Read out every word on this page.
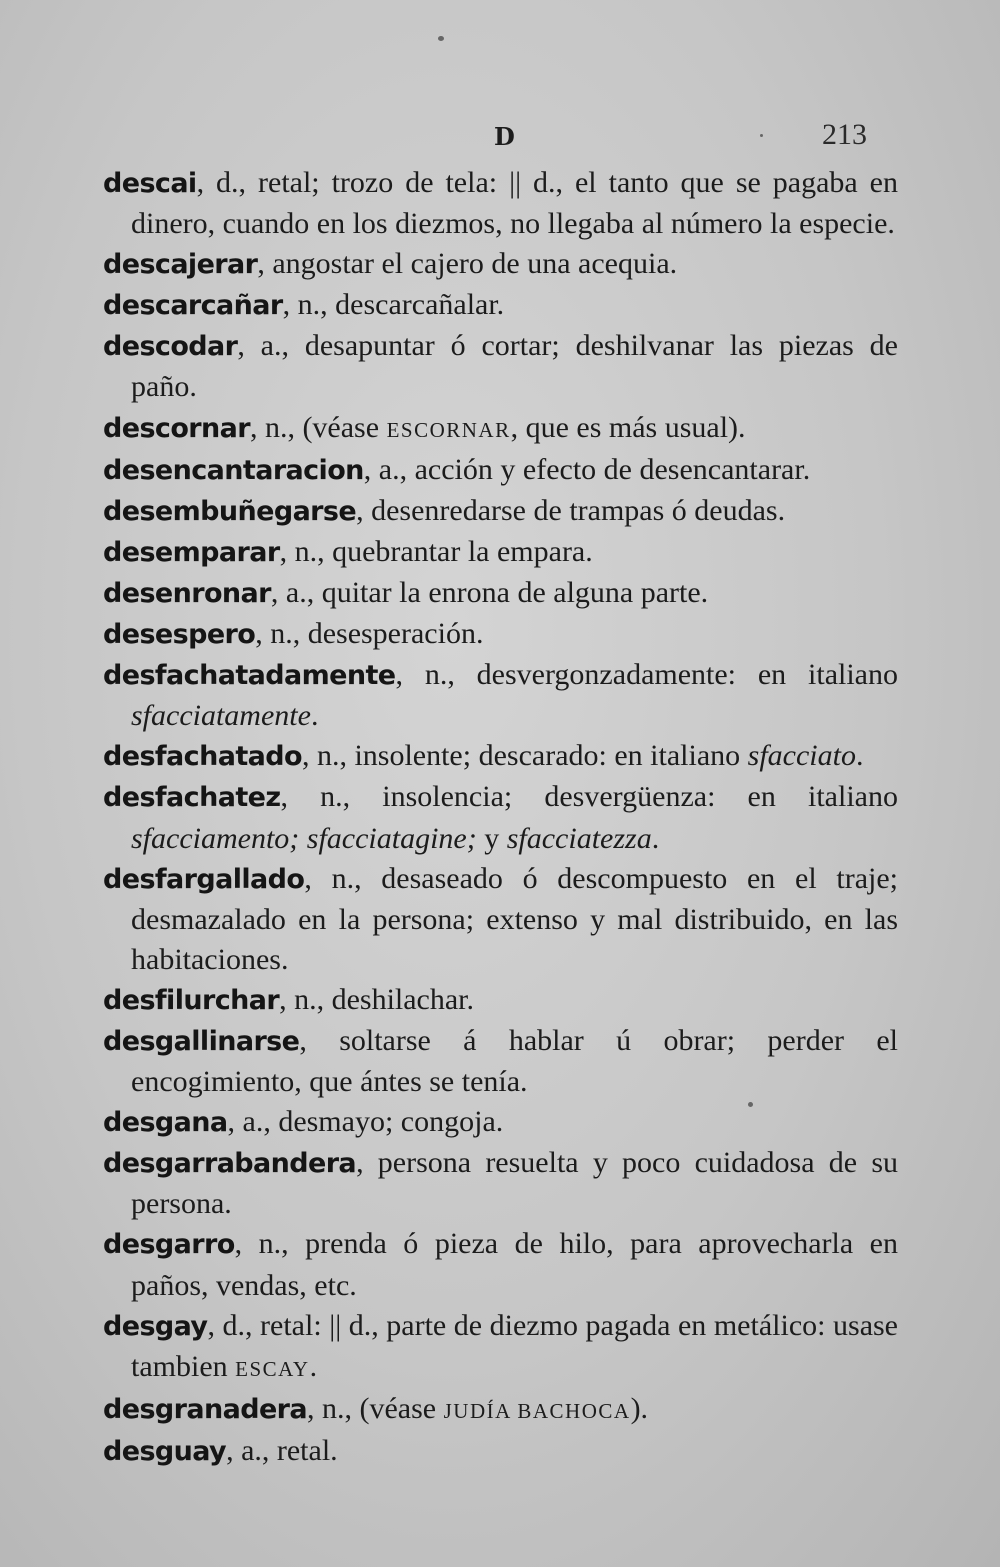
D	213

descai, d., retal; trozo de tela: || d., el tanto que se pagaba en dinero, cuando en los diezmos, no llegaba al número la especie.

descajerar, angostar el cajero de una acequia.

descarcañar, n., descarcañalar.

descodar, a., desapuntar ó cortar; deshilvanar las piezas de paño.

descornar, n., (véase ESCORNAR, que es más usual).

desencantaracion, a., acción y efecto de desencantarar.

desembuñegarse, desenredarse de trampas ó deudas.

desemparar, n., quebrantar la empara.

desenronar, a., quitar la enrona de alguna parte.

desespero, n., desesperación.

desfachatadamente, n., desvergonzadamente: en italiano sfacciatamente.

desfachatado, n., insolente; descarado: en italiano sfacciato.

desfachatez, n., insolencia; desvergüenza: en italiano sfacciamento; sfacciatagine; y sfacciatezza.

desfargallado, n., desaseado ó descompuesto en el traje; desmazalado en la persona; extenso y mal distribuido, en las habitaciones.

desfilurchar, n., deshilachar.

desgallinarse, soltarse á hablar ú obrar; perder el encogimiento, que ántes se tenía.

desgana, a., desmayo; congoja.

desgarrabandera, persona resuelta y poco cuidadosa de su persona.

desgarro, n., prenda ó pieza de hilo, para aprovecharla en paños, vendas, etc.

desgay, d., retal: || d., parte de diezmo pagada en metálico: usase tambien ESCAY.

desgranadera, n., (véase JUDÍA BACHOCA).

desguay, a., retal.
